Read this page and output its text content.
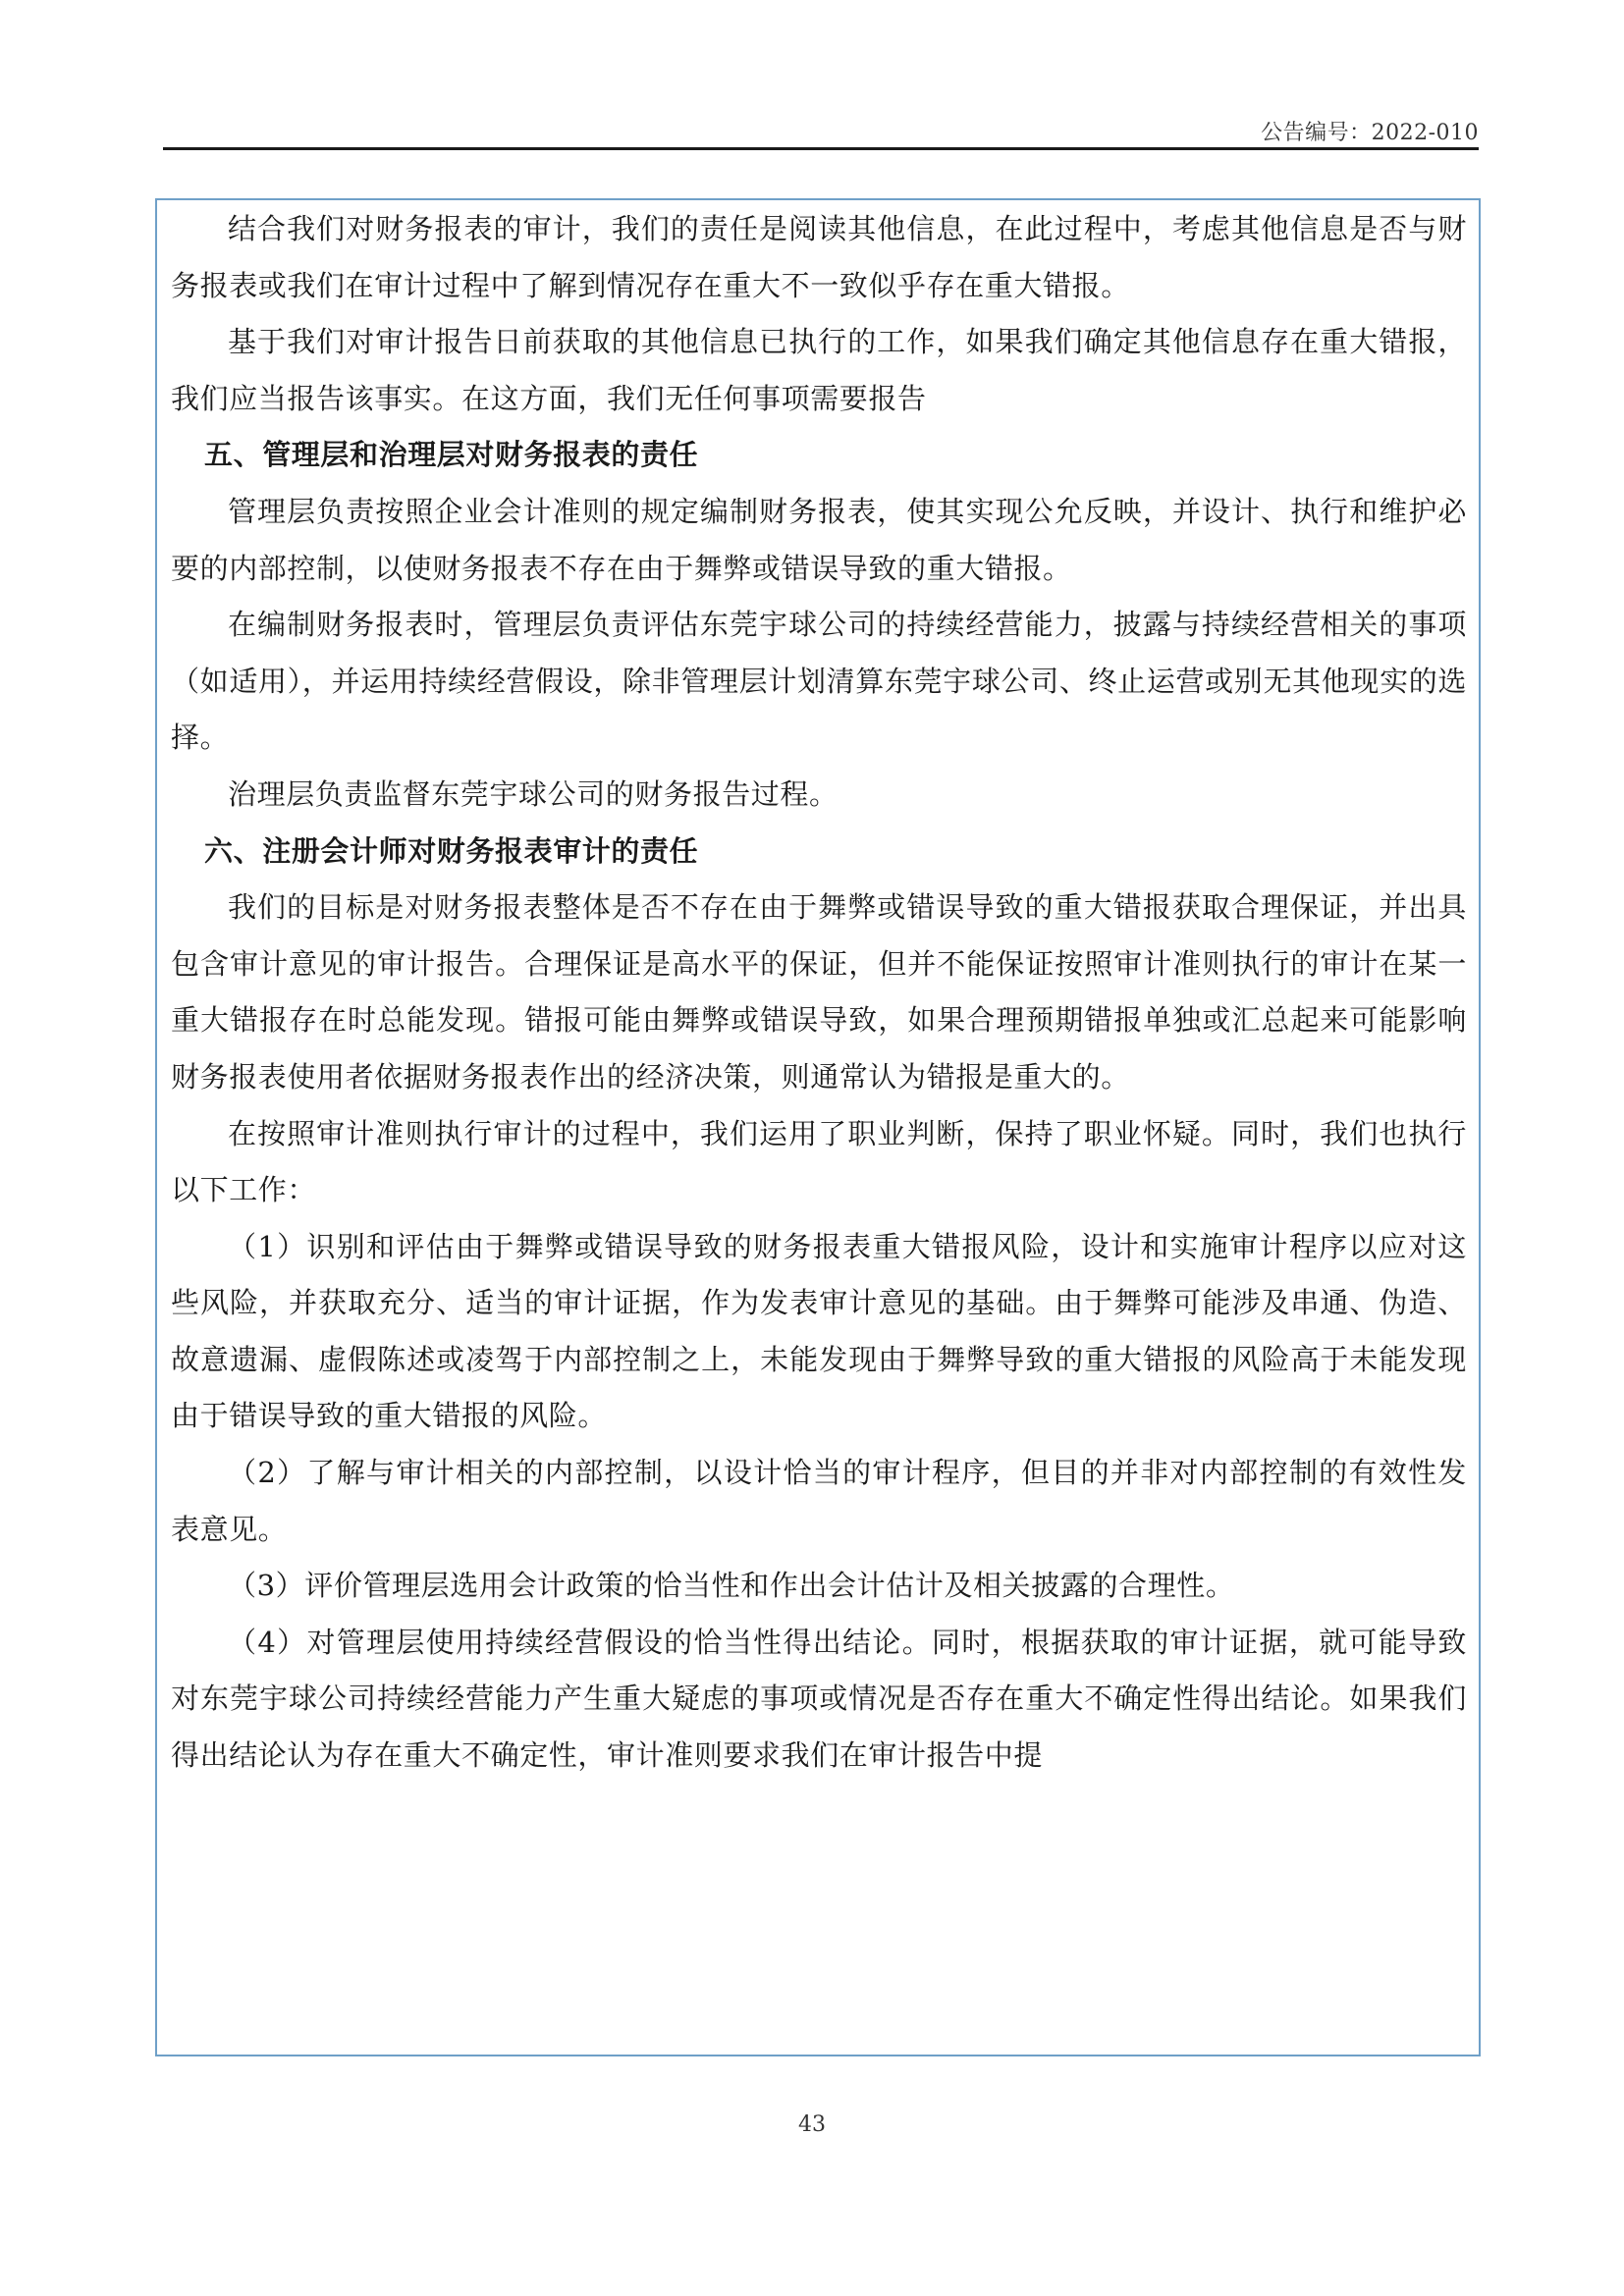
公告编号：2022-010

结合我们对财务报表的审计，我们的责任是阅读其他信息，在此过程中，考虑其他信息是否与财务报表或我们在审计过程中了解到情况存在重大不一致似乎存在重大错报。

基于我们对审计报告日前获取的其他信息已执行的工作，如果我们确定其他信息存在重大错报，我们应当报告该事实。在这方面，我们无任何事项需要报告

五、管理层和治理层对财务报表的责任

管理层负责按照企业会计准则的规定编制财务报表，使其实现公允反映，并设计、执行和维护必要的内部控制，以使财务报表不存在由于舞弊或错误导致的重大错报。

在编制财务报表时，管理层负责评估东莞宇球公司的持续经营能力，披露与持续经营相关的事项（如适用），并运用持续经营假设，除非管理层计划清算东莞宇球公司、终止运营或别无其他现实的选择。

治理层负责监督东莞宇球公司的财务报告过程。

六、注册会计师对财务报表审计的责任

我们的目标是对财务报表整体是否不存在由于舞弊或错误导致的重大错报获取合理保证，并出具包含审计意见的审计报告。合理保证是高水平的保证，但并不能保证按照审计准则执行的审计在某一重大错报存在时总能发现。错报可能由舞弊或错误导致，如果合理预期错报单独或汇总起来可能影响财务报表使用者依据财务报表作出的经济决策，则通常认为错报是重大的。

在按照审计准则执行审计的过程中，我们运用了职业判断，保持了职业怀疑。同时，我们也执行以下工作：

（1）识别和评估由于舞弊或错误导致的财务报表重大错报风险，设计和实施审计程序以应对这些风险，并获取充分、适当的审计证据，作为发表审计意见的基础。由于舞弊可能涉及串通、伪造、故意遗漏、虚假陈述或凌驾于内部控制之上，未能发现由于舞弊导致的重大错报的风险高于未能发现由于错误导致的重大错报的风险。

（2）了解与审计相关的内部控制，以设计恰当的审计程序，但目的并非对内部控制的有效性发表意见。

（3）评价管理层选用会计政策的恰当性和作出会计估计及相关披露的合理性。

（4）对管理层使用持续经营假设的恰当性得出结论。同时，根据获取的审计证据，就可能导致对东莞宇球公司持续经营能力产生重大疑虑的事项或情况是否存在重大不确定性得出结论。如果我们得出结论认为存在重大不确定性，审计准则要求我们在审计报告中提

43
